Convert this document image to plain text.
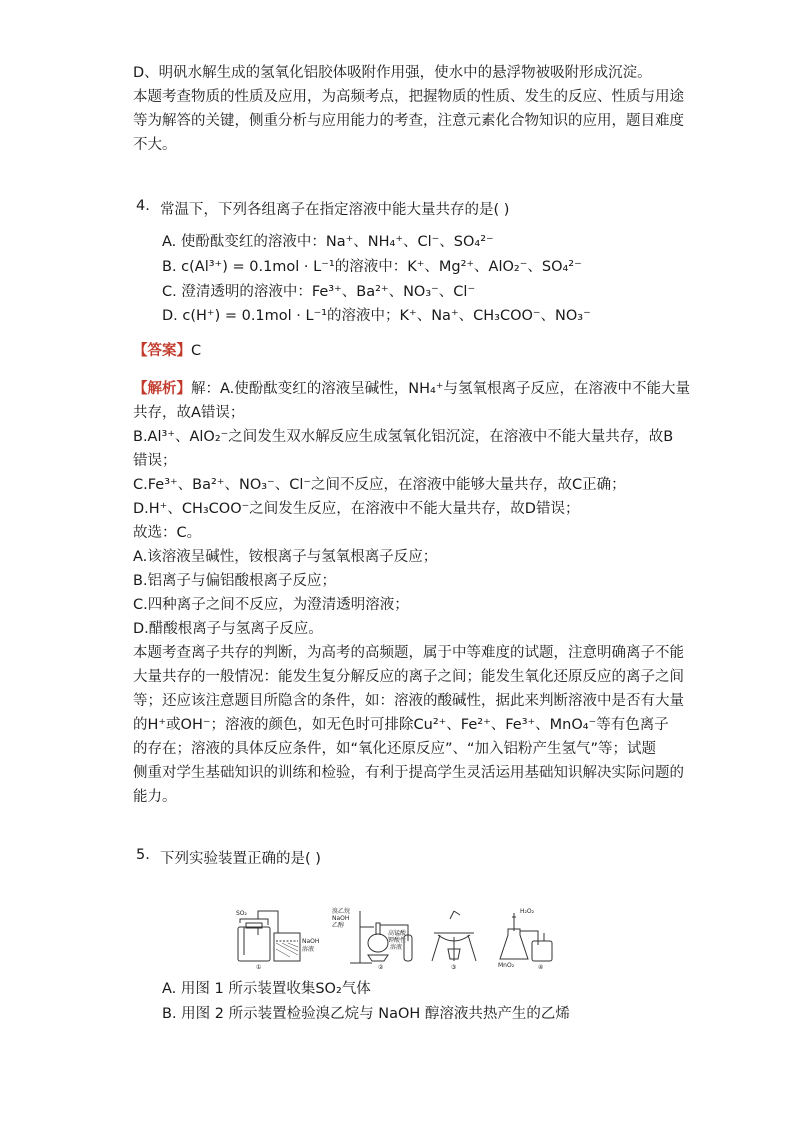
D、明矾水解生成的氢氧化铝胶体吸附作用强，使水中的悬浮物被吸附形成沉淀。
本题考查物质的性质及应用，为高频考点，把握物质的性质、发生的反应、性质与用途
等为解答的关键，侧重分析与应用能力的考查，注意元素化合物知识的应用，题目难度
不大。
4. 常温下，下列各组离子在指定溶液中能大量共存的是( )
A. 使酚酞变红的溶液中：Na⁺、NH₄⁺、Cl⁻、SO₄²⁻
B. c(Al³⁺) = 0.1mol · L⁻¹的溶液中：K⁺、Mg²⁺、AlO₂⁻、SO₄²⁻
C. 澄清透明的溶液中：Fe³⁺、Ba²⁺、NO₃⁻、Cl⁻
D. c(H⁺) = 0.1mol · L⁻¹的溶液中；K⁺、Na⁺、CH₃COO⁻、NO₃⁻
【答案】C
【解析】解：A.使酚酞变红的溶液呈碱性，NH₄⁺与氢氧根离子反应，在溶液中不能大量
共存，故A错误；
B.Al³⁺、AlO₂⁻之间发生双水解反应生成氢氧化铝沉淀，在溶液中不能大量共存，故B
错误；
C.Fe³⁺、Ba²⁺、NO₃⁻、Cl⁻之间不反应，在溶液中能够大量共存，故C正确；
D.H⁺、CH₃COO⁻之间发生反应，在溶液中不能大量共存，故D错误；
故选：C。
A.该溶液呈碱性，铵根离子与氢氧根离子反应；
B.铝离子与偏铝酸根离子反应；
C.四种离子之间不反应，为澄清透明溶液；
D.醋酸根离子与氢离子反应。
本题考查离子共存的判断，为高考的高频题，属于中等难度的试题，注意明确离子不能
大量共存的一般情况：能发生复分解反应的离子之间；能发生氧化还原反应的离子之间
等；还应该注意题目所隐含的条件，如：溶液的酸碱性，据此来判断溶液中是否有大量
的H⁺或OH⁻；溶液的颜色，如无色时可排除Cu²⁺、Fe²⁺、Fe³⁺、MnO₄⁻等有色离子
的存在；溶液的具体反应条件，如“氧化还原反应”、“加入铝粉产生氢气”等；试题
侧重对学生基础知识的训练和检验，有利于提高学生灵活运用基础知识解决实际问题的
能力。
5. 下列实验装置正确的是( )
SO₂
NaOH
溶液
①
溴乙烷
NaOH
乙醇
高锰酸
钾酸性
溶液
②	③
H₂O₂
MnO₂	④
A. 用图 1 所示装置收集SO₂气体
B. 用图 2 所示装置检验溴乙烷与 NaOH 醇溶液共热产生的乙烯
